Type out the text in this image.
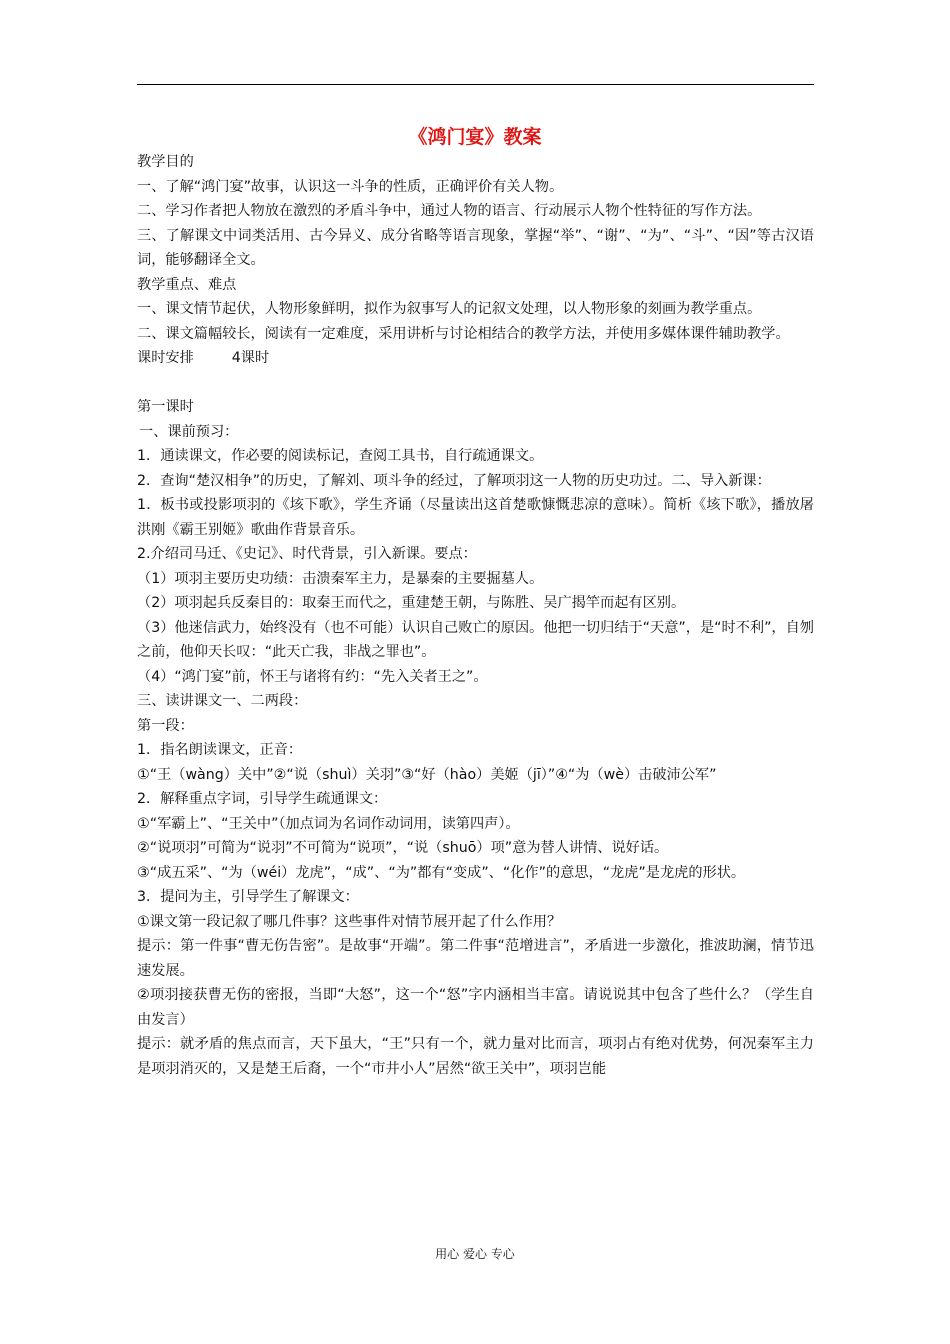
《鸿门宴》教案

教学目的

一、了解“鸿门宴”故事，认识这一斗争的性质，正确评价有关人物。

二、学习作者把人物放在激烈的矛盾斗争中，通过人物的语言、行动展示人物个性特征的写作方法。

三、了解课文中词类活用、古今异义、成分省略等语言现象，掌握“举”、“谢”、“为”、“斗”、“因”等古汉语词，能够翻译全文。

教学重点、难点

一、课文情节起伏，人物形象鲜明，拟作为叙事写人的记叙文处理，以人物形象的刻画为教学重点。

二、课文篇幅较长，阅读有一定难度，采用讲析与讨论相结合的教学方法，并使用多媒体课件辅助教学。

课时安排	4课时

第一课时

一、课前预习：

1．通读课文，作必要的阅读标记，查阅工具书，自行疏通课文。

2．查询“楚汉相争”的历史，了解刘、项斗争的经过，了解项羽这一人物的历史功过。二、导入新课：

1．板书或投影项羽的《垓下歌》，学生齐诵（尽量读出这首楚歌慷慨悲凉的意味）。简析《垓下歌》，播放屠洪刚《霸王别姬》歌曲作背景音乐。

2.介绍司马迁、《史记》、时代背景，引入新课。要点：

（1）项羽主要历史功绩：击溃秦军主力，是暴秦的主要掘墓人。

（2）项羽起兵反秦目的：取秦王而代之，重建楚王朝，与陈胜、吴广揭竿而起有区别。

（3）他迷信武力，始终没有（也不可能）认识自己败亡的原因。他把一切归结于“天意”，是“时不利”，自刎之前，他仰天长叹：“此天亡我，非战之罪也”。

（4）“鸿门宴”前，怀王与诸将有约：“先入关者王之”。

三、读讲课文一、二两段：

第一段：

1．指名朗读课文，正音：

①“王（wàng）关中”②“说（shuì）关羽”③“好（hào）美姬（jī）”④“为（wè）击破沛公军”

2．解释重点字词，引导学生疏通课文：

①“军霸上”、“王关中”（加点词为名词作动词用，读第四声）。

②“说项羽”可简为“说羽”不可简为“说项”，“说（shuō）项”意为替人讲情、说好话。

③“成五采”、“为（wéi）龙虎”，“成”、“为”都有“变成”、“化作”的意思，“龙虎”是龙虎的形状。

3．提问为主，引导学生了解课文：

①课文第一段记叙了哪几件事？这些事件对情节展开起了什么作用？

提示：第一件事“曹无伤告密”。是故事“开端”。第二件事“范增进言”，矛盾进一步激化，推波助澜，情节迅速发展。

②项羽接获曹无伤的密报，当即“大怒”，这一个“怒”字内涵相当丰富。请说说其中包含了些什么？（学生自由发言）

提示：就矛盾的焦点而言，天下虽大，“王”只有一个，就力量对比而言，项羽占有绝对优势，何况秦军主力是项羽消灭的，又是楚王后裔，一个“市井小人”居然“欲王关中”，项羽岂能

用心 爱心 专心
